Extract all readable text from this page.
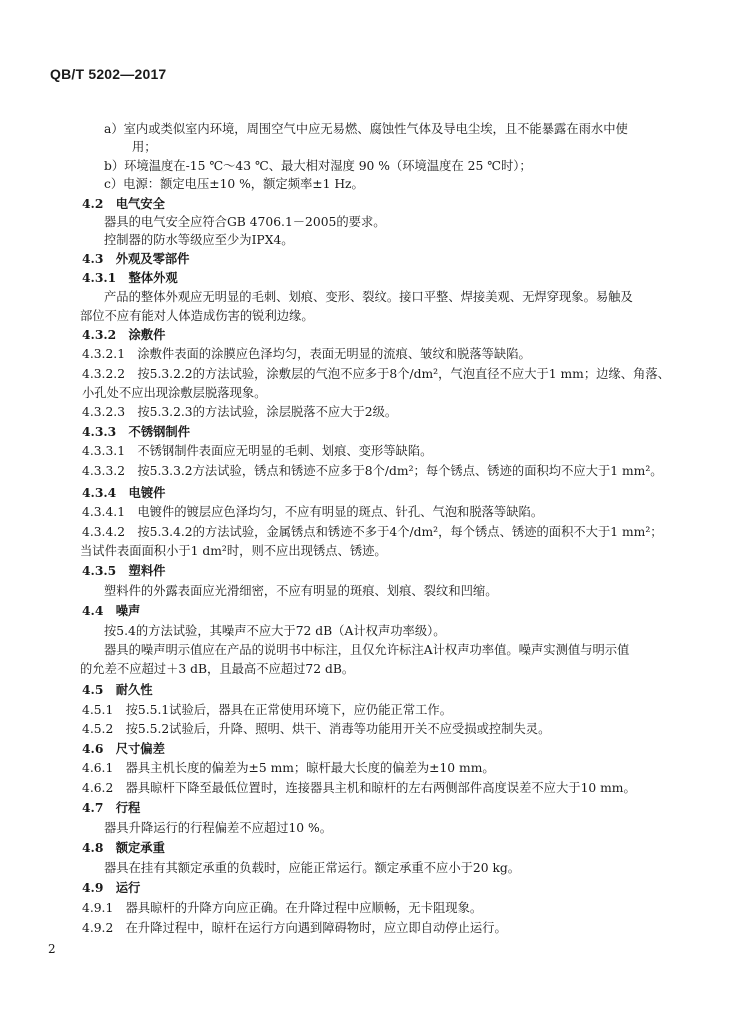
QB/T 5202—2017
a）室内或类似室内环境，周围空气中应无易燃、腐蚀性气体及导电尘埃，且不能暴露在雨水中使
用；
b）环境温度在-15 ℃～43 ℃、最大相对湿度 90 %（环境温度在 25 ℃时）；
c）电源：额定电压±10 %，额定频率±1 Hz。
4.2　电气安全
器具的电气安全应符合GB 4706.1－2005的要求。
控制器的防水等级应至少为IPX4。
4.3　外观及零部件
4.3.1　整体外观
产品的整体外观应无明显的毛刺、划痕、变形、裂纹。接口平整、焊接美观、无焊穿现象。易触及
部位不应有能对人体造成伤害的锐利边缘。
4.3.2　涂敷件
4.3.2.1　涂敷件表面的涂膜应色泽均匀，表面无明显的流痕、皱纹和脱落等缺陷。
4.3.2.2　按5.3.2.2的方法试验，涂敷层的气泡不应多于8个/dm²，气泡直径不应大于1 mm；边缘、角落、
小孔处不应出现涂敷层脱落现象。
4.3.2.3　按5.3.2.3的方法试验，涂层脱落不应大于2级。
4.3.3　不锈钢制件
4.3.3.1　不锈钢制件表面应无明显的毛刺、划痕、变形等缺陷。
4.3.3.2　按5.3.3.2方法试验，锈点和锈迹不应多于8个/dm²；每个锈点、锈迹的面积均不应大于1 mm²。
4.3.4　电镀件
4.3.4.1　电镀件的镀层应色泽均匀，不应有明显的斑点、针孔、气泡和脱落等缺陷。
4.3.4.2　按5.3.4.2的方法试验，金属锈点和锈迹不多于4个/dm²，每个锈点、锈迹的面积不大于1 mm²；
当试件表面面积小于1 dm²时，则不应出现锈点、锈迹。
4.3.5　塑料件
塑料件的外露表面应光滑细密，不应有明显的斑痕、划痕、裂纹和凹缩。
4.4　噪声
按5.4的方法试验，其噪声不应大于72 dB（A计权声功率级）。
器具的噪声明示值应在产品的说明书中标注，且仅允许标注A计权声功率值。噪声实测值与明示值
的允差不应超过＋3 dB，且最高不应超过72 dB。
4.5　耐久性
4.5.1　按5.5.1试验后，器具在正常使用环境下，应仍能正常工作。
4.5.2　按5.5.2试验后，升降、照明、烘干、消毒等功能用开关不应受损或控制失灵。
4.6　尺寸偏差
4.6.1　器具主机长度的偏差为±5 mm；晾杆最大长度的偏差为±10 mm。
4.6.2　器具晾杆下降至最低位置时，连接器具主机和晾杆的左右两侧部件高度误差不应大于10 mm。
4.7　行程
器具升降运行的行程偏差不应超过10 %。
4.8　额定承重
器具在挂有其额定承重的负载时，应能正常运行。额定承重不应小于20 kg。
4.9　运行
4.9.1　器具晾杆的升降方向应正确。在升降过程中应顺畅，无卡阻现象。
4.9.2　在升降过程中，晾杆在运行方向遇到障碍物时，应立即自动停止运行。
2
